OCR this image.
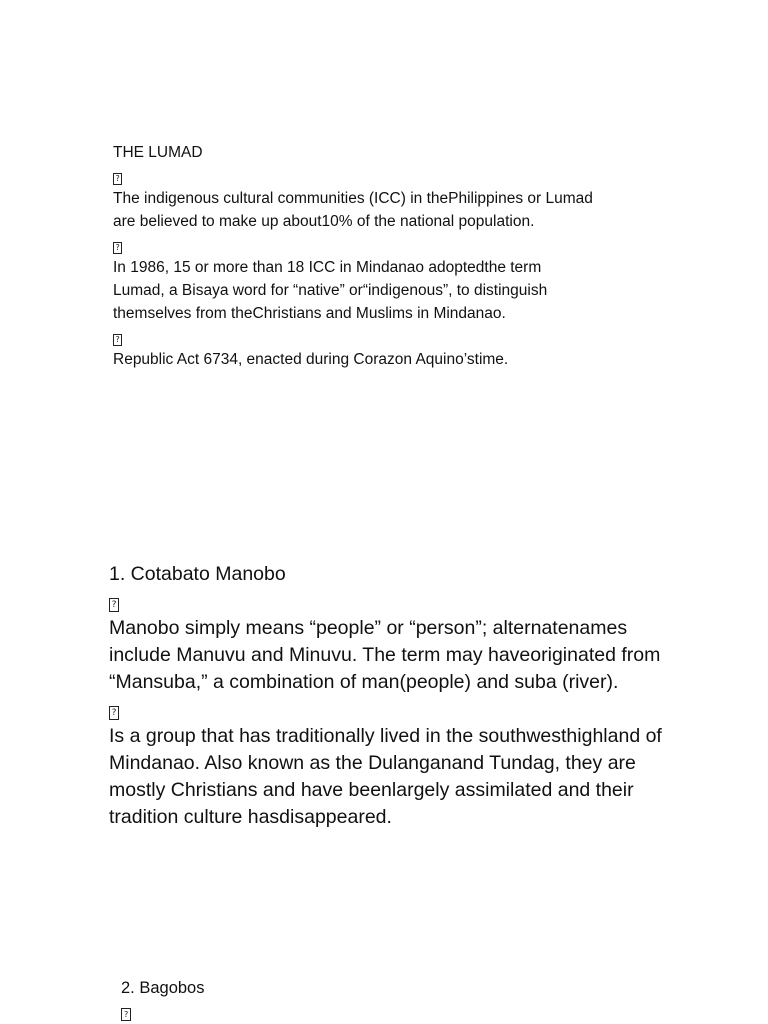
THE LUMAD
?
The indigenous cultural communities (ICC) in thePhilippines or Lumad
are believed to make up about10% of the national population.
?
In 1986, 15 or more than 18 ICC in Mindanao adoptedthe term
Lumad, a Bisaya word for “native” or“indigenous”, to distinguish
themselves from theChristians and Muslims in Mindanao.
?
Republic Act 6734, enacted during Corazon Aquino’stime.
1. Cotabato Manobo
?
Manobo simply means “people” or “person”; alternatenames
include Manuvu and Minuvu. The term may haveoriginated from
“Mansuba,” a combination of man(people) and suba (river).
?
Is a group that has traditionally lived in the southwesthighland of
Mindanao. Also known as the Dulanganand Tundag, they are
mostly Christians and have beenlargely assimilated and their
tradition culture hasdisappeared.
2. Bagobos
?
